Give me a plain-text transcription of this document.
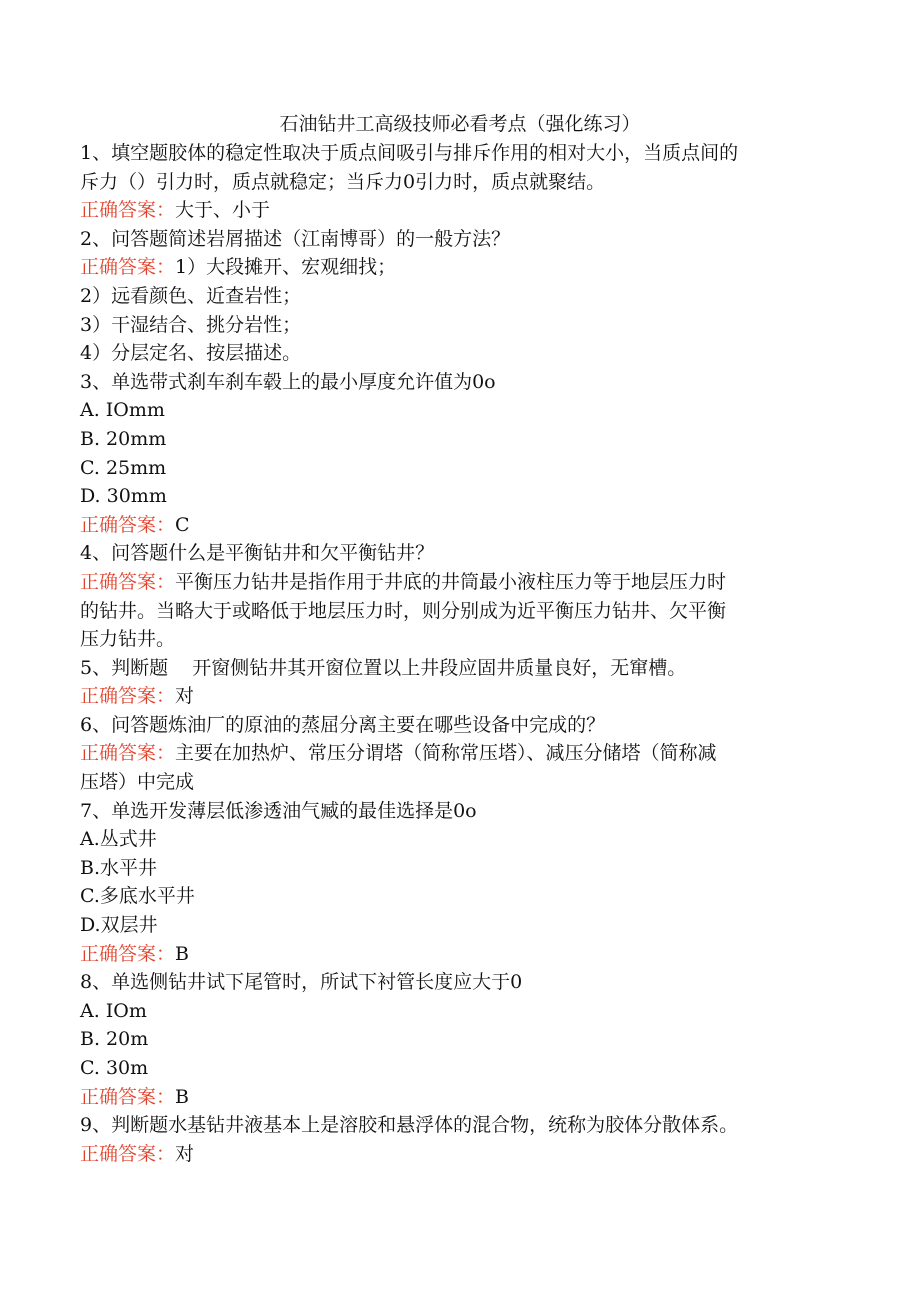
石油钻井工高级技师必看考点（强化练习）
1、填空题胶体的稳定性取决于质点间吸引与排斥作用的相对大小，当质点间的
斥力（）引力时，质点就稳定；当斥力0引力时，质点就聚结。
正确答案：大于、小于
2、问答题简述岩屑描述（江南博哥）的一般方法？
正确答案：1）大段摊开、宏观细找；
2）远看颜色、近查岩性；
3）干湿结合、挑分岩性；
4）分层定名、按层描述。
3、单选带式刹车刹车毂上的最小厚度允许值为0o
A. IOmm
B. 20mm
C. 25mm
D. 30mm
正确答案：C
4、问答题什么是平衡钻井和欠平衡钻井？
正确答案：平衡压力钻井是指作用于井底的井筒最小液柱压力等于地层压力时
的钻井。当略大于或略低于地层压力时，则分别成为近平衡压力钻井、欠平衡
压力钻井。
5、判断题    开窗侧钻井其开窗位置以上井段应固井质量良好，无窜槽。
正确答案：对
6、问答题炼油厂的原油的蒸屈分离主要在哪些设备中完成的？
正确答案：主要在加热炉、常压分谓塔（简称常压塔）、减压分储塔（简称减
压塔）中完成
7、单选开发薄层低渗透油气臧的最佳选择是0o
A.丛式井
B.水平井
C.多底水平井
D.双层井
正确答案：B
8、单选侧钻井试下尾管时，所试下衬管长度应大于0
A. IOm
B. 20m
C. 30m
正确答案：B
9、判断题水基钻井液基本上是溶胶和悬浮体的混合物，统称为胶体分散体系。
正确答案：对
